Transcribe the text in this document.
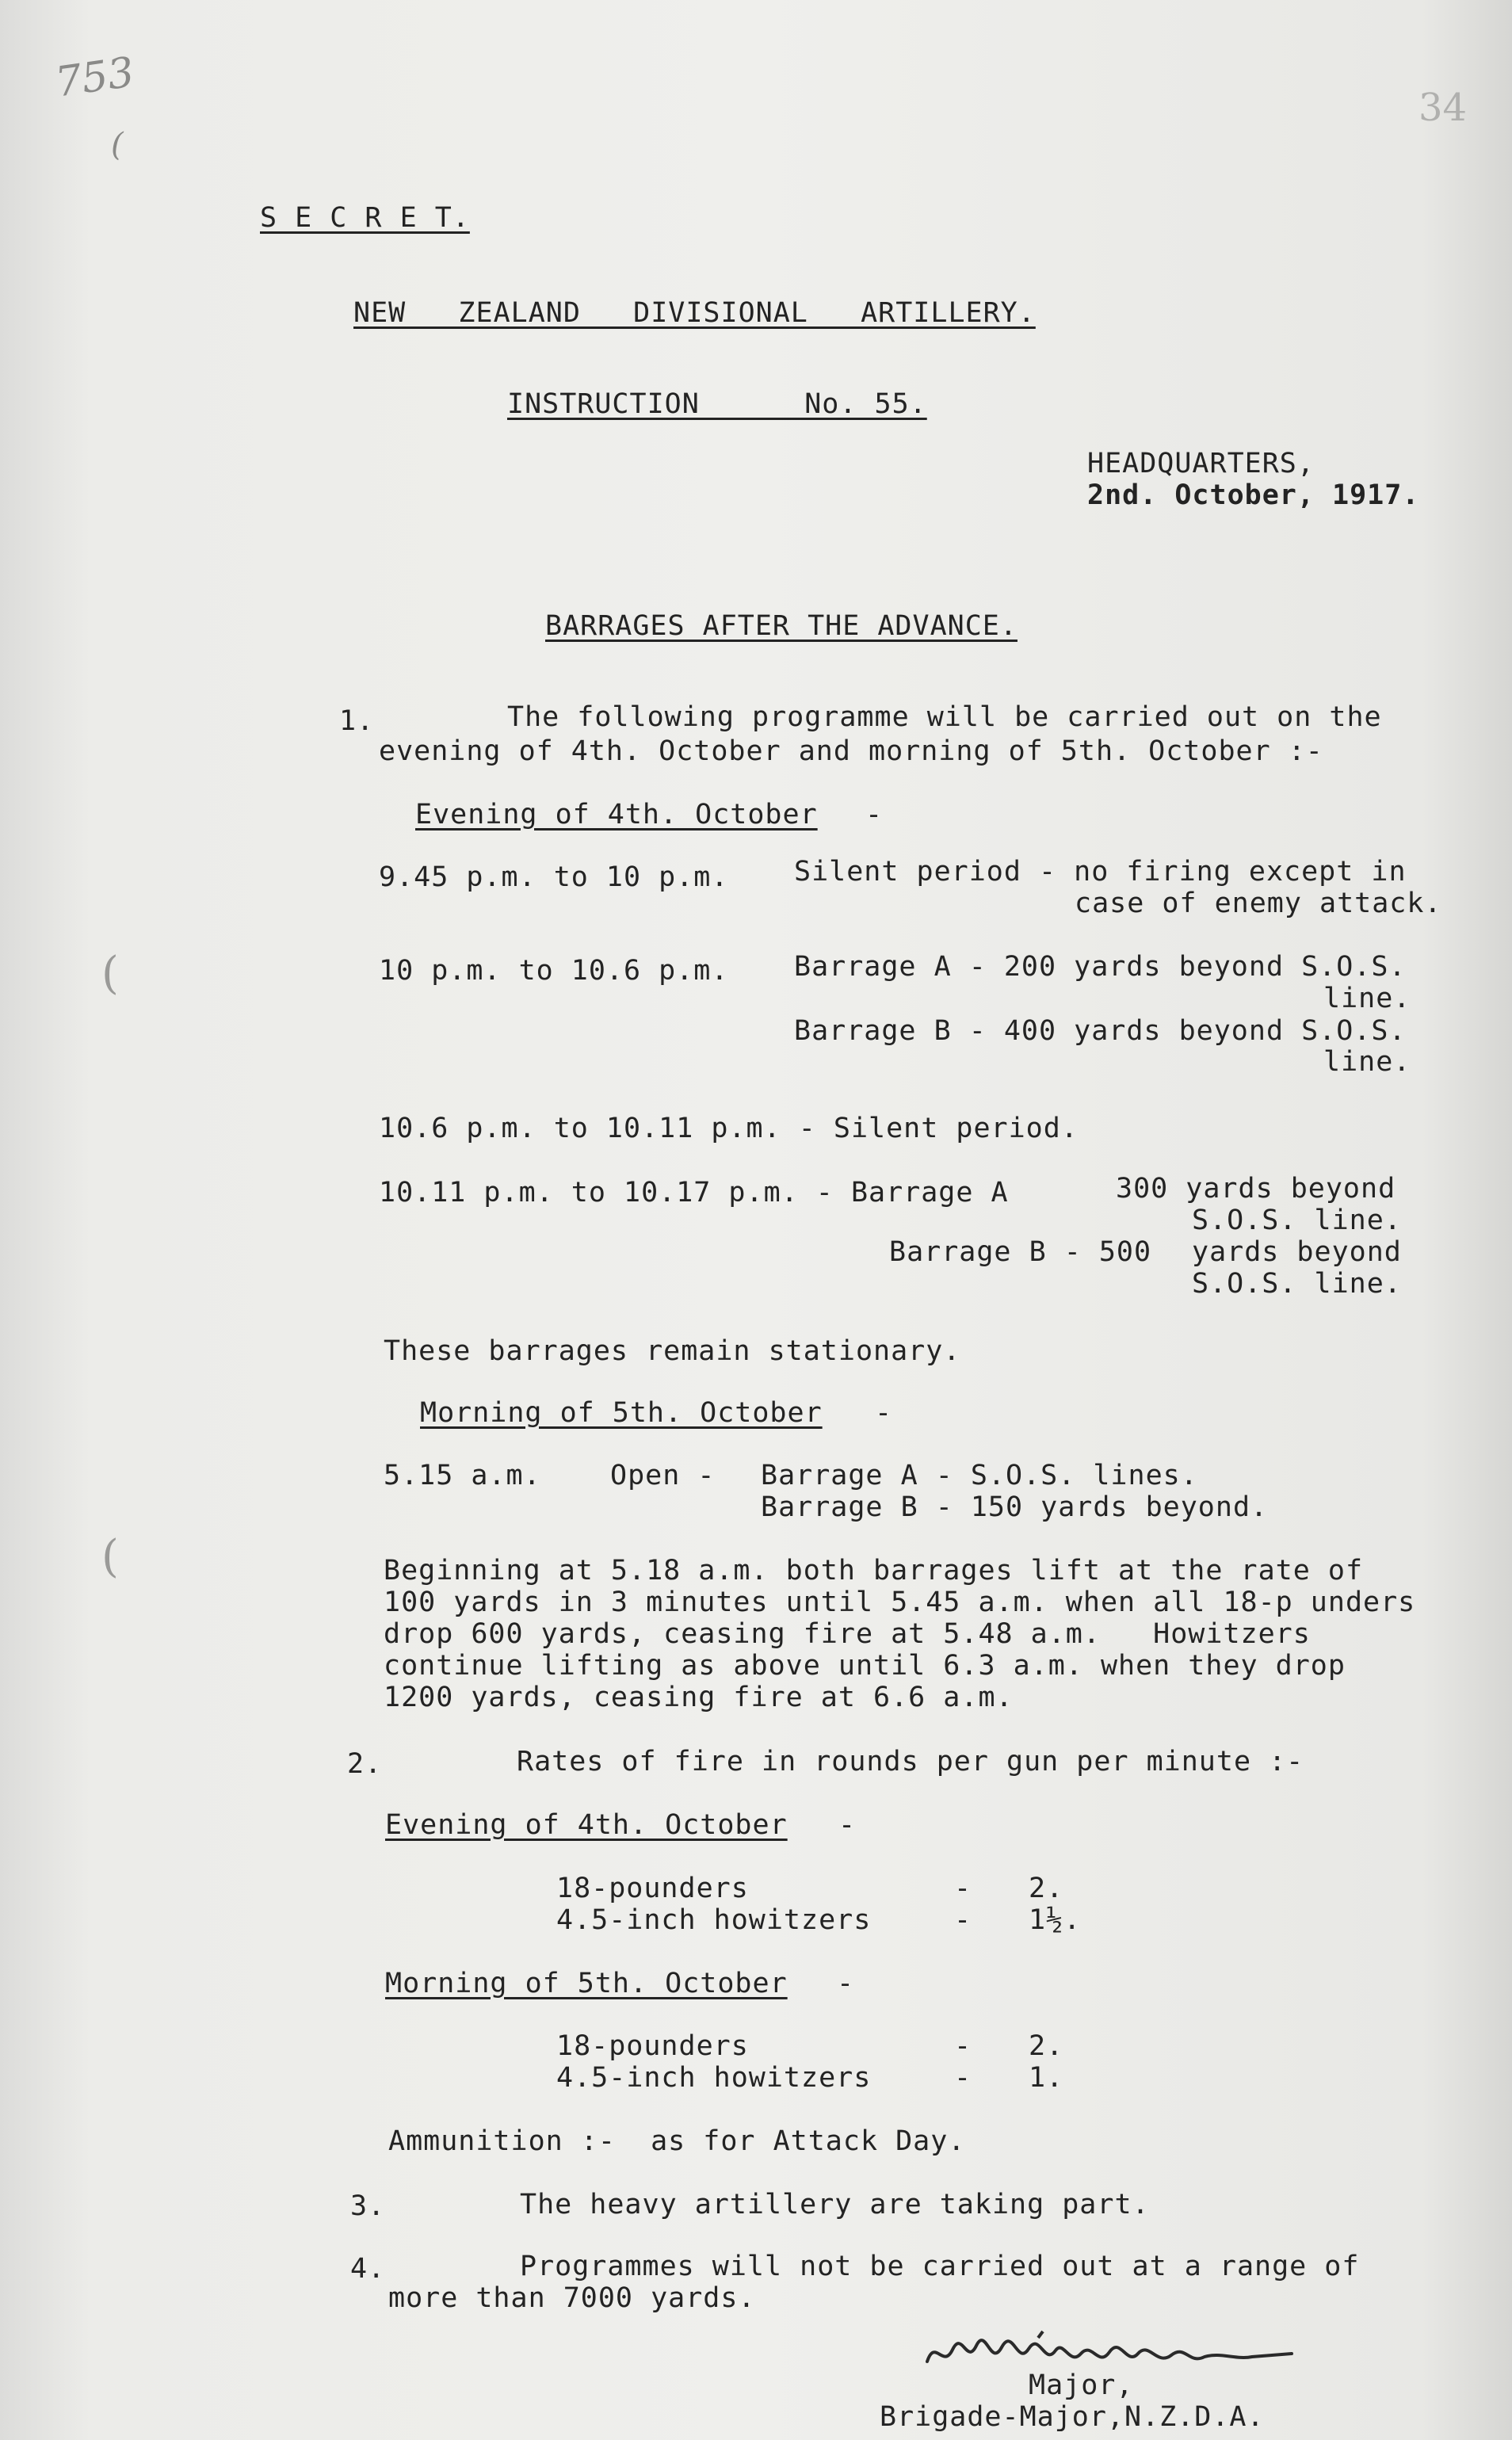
753
(
34
(
(
S E C R E T.
NEW   ZEALAND   DIVISIONAL   ARTILLERY.
INSTRUCTION      No. 55.
HEADQUARTERS,
2nd. October, 1917.
BARRAGES AFTER THE ADVANCE.
1.	The following programme will be carried out on the
evening of 4th. October and morning of 5th. October :-
Evening of 4th. October -
9.45 p.m. to 10 p.m. Silent period - no firing except in
case of enemy attack.
10 p.m. to 10.6 p.m. Barrage A - 200 yards beyond S.O.S.
line.
Barrage B - 400 yards beyond S.O.S.
line.
10.6 p.m. to 10.11 p.m. - Silent period.
10.11 p.m. to 10.17 p.m. - Barrage A	300 yards beyond
S.O.S. line.
Barrage B - 500 yards beyond
S.O.S. line.
These barrages remain stationary.
Morning of 5th. October -
5.15 a.m. Open - Barrage A - S.O.S. lines.
Barrage B - 150 yards beyond.
Beginning at 5.18 a.m. both barrages lift at the rate of
100 yards in 3 minutes until 5.45 a.m. when all 18-p unders
drop 600 yards, ceasing fire at 5.48 a.m.   Howitzers
continue lifting as above until 6.3 a.m. when they drop
1200 yards, ceasing fire at 6.6 a.m.
2.	Rates of fire in rounds per gun per minute :-
Evening of 4th. October -
18-pounders	- 2.
4.5-inch howitzers	- 1½.
Morning of 5th. October -
18-pounders	- 2.
4.5-inch howitzers	- 1.
Ammunition :-  as for Attack Day.
3.	The heavy artillery are taking part.
4.	Programmes will not be carried out at a range of
more than 7000 yards.
Major,
Brigade-Major,N.Z.D.A.
